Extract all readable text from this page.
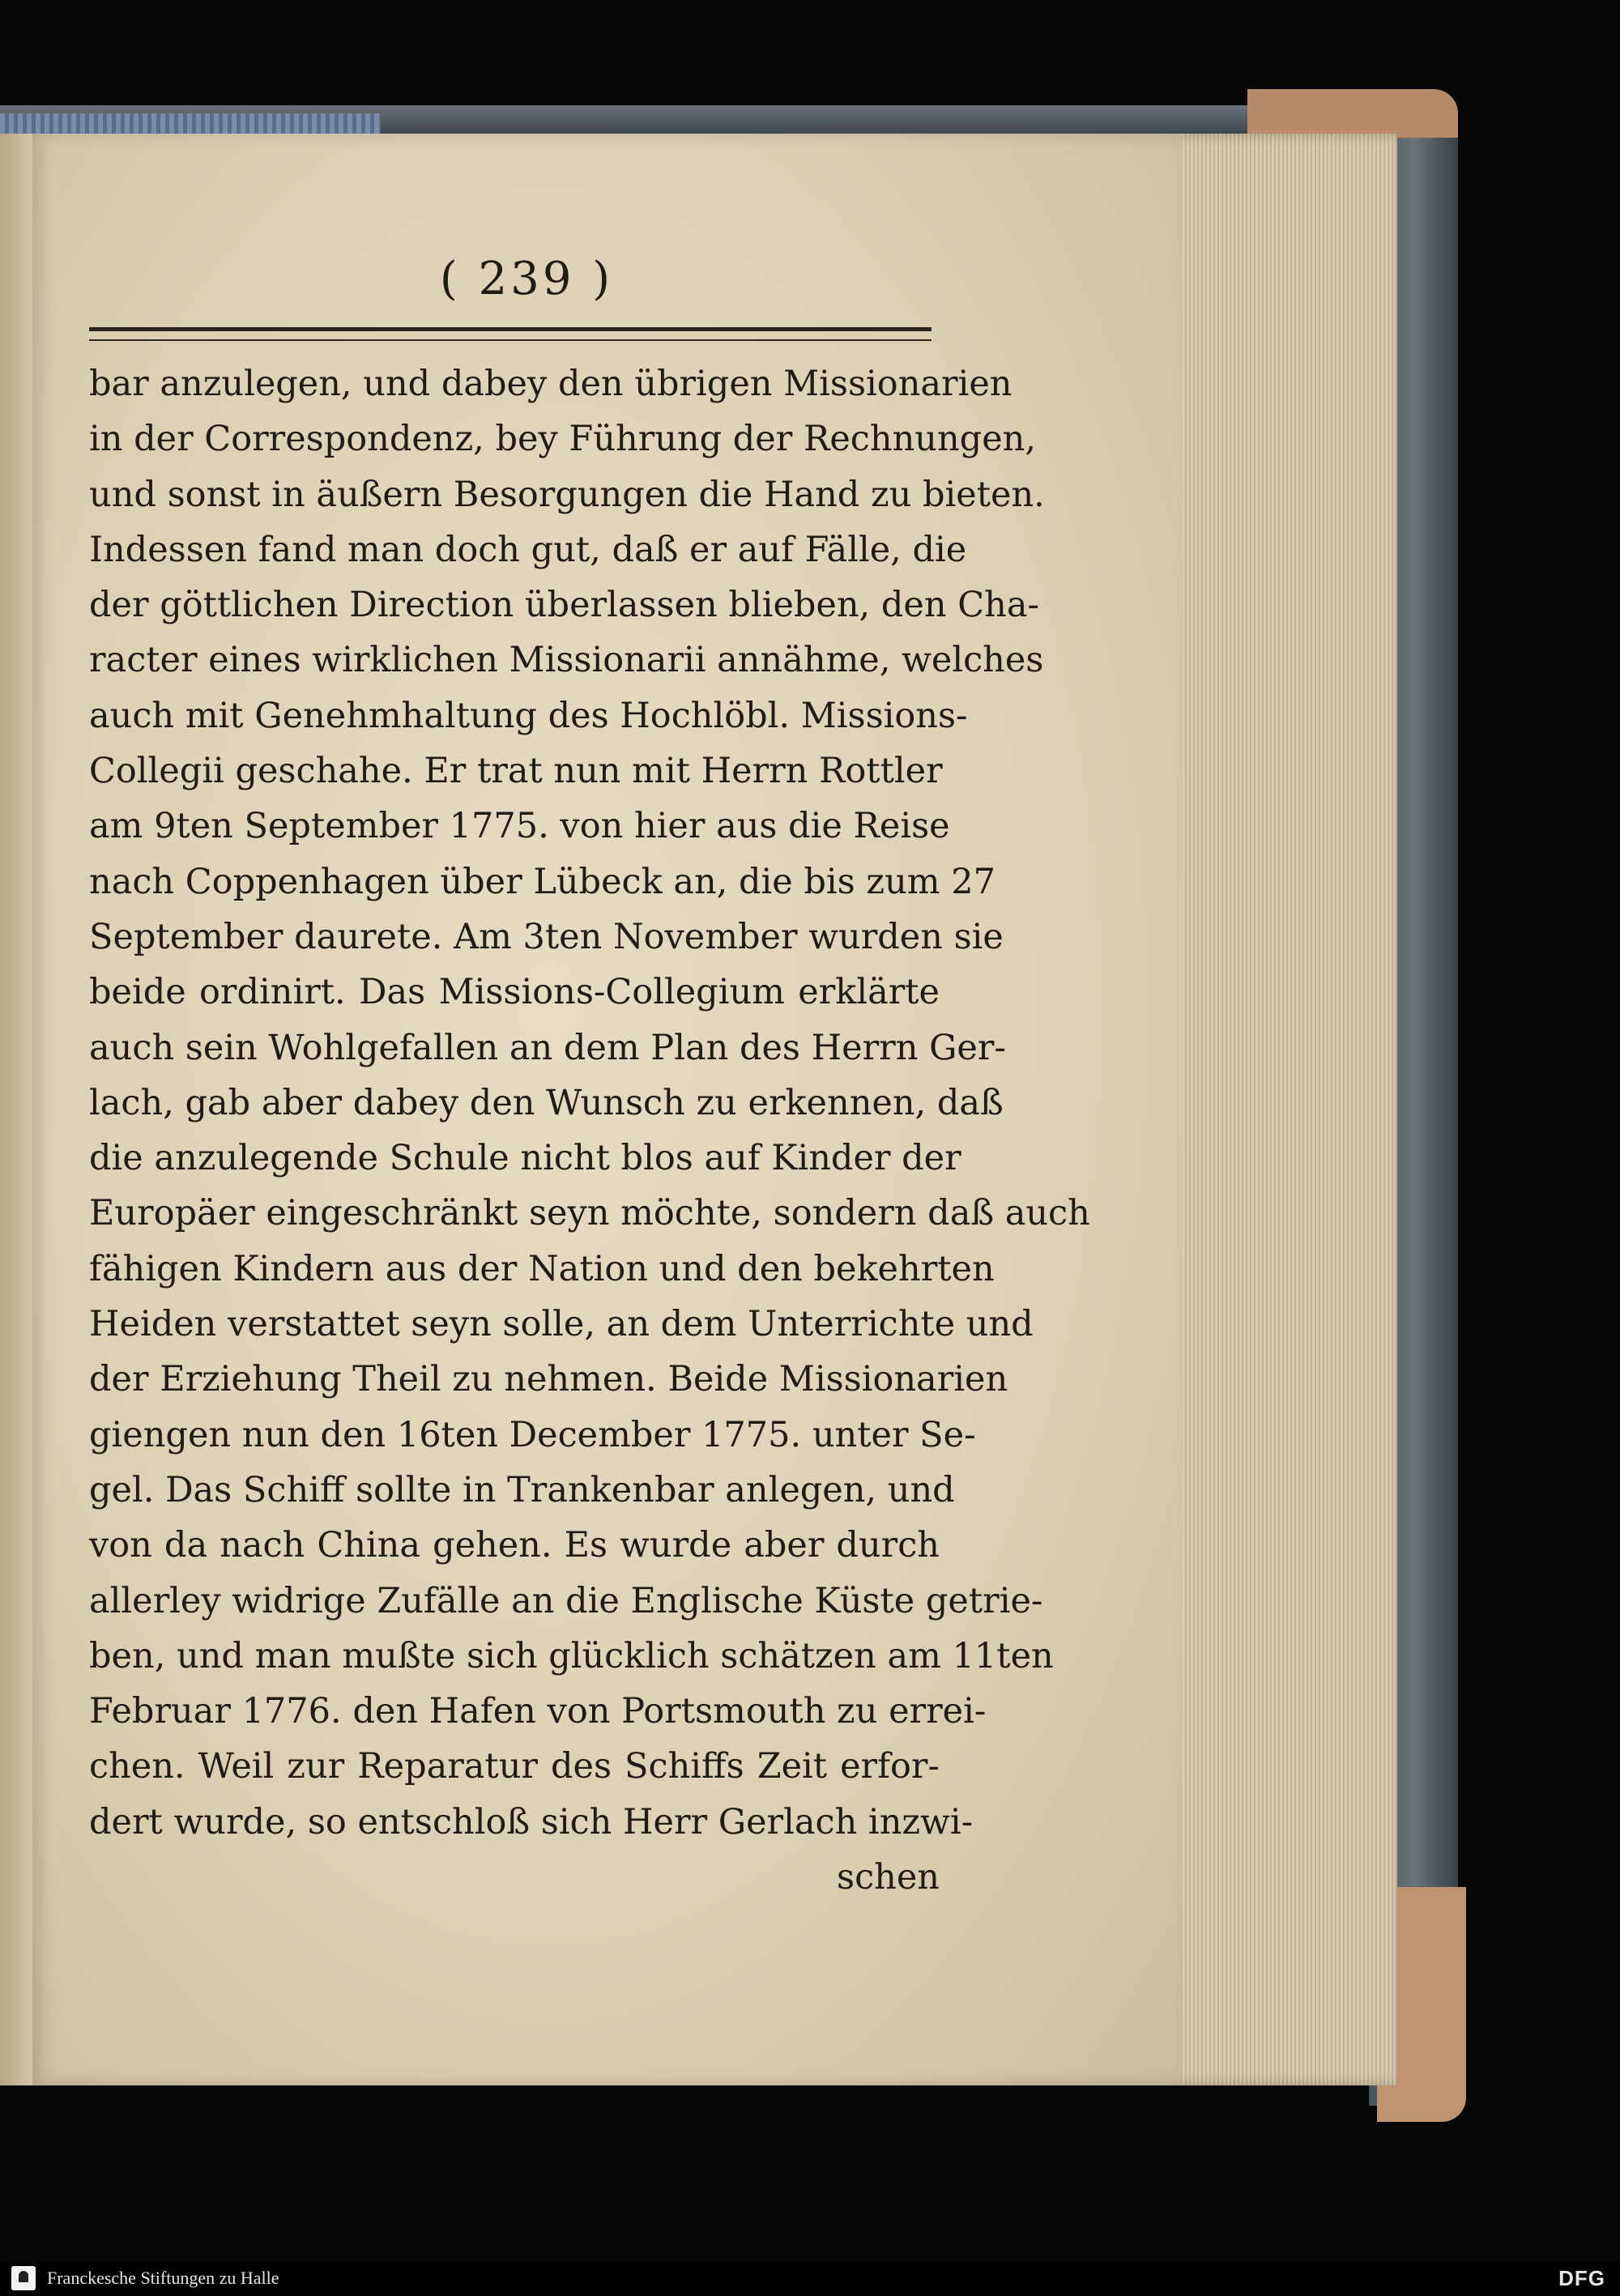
( 239 )
bar anzulegen, und dabey den übrigen Missionarien
in der Correspondenz, bey Führung der Rechnungen,
und sonst in äußern Besorgungen die Hand zu bieten.
Indessen fand man doch gut, daß er auf Fälle, die
der göttlichen Direction überlassen blieben, den Cha-
racter eines wirklichen Missionarii annähme, welches
auch mit Genehmhaltung des Hochlöbl. Missions-
Collegii geschahe. Er trat nun mit Herrn Rottler
am 9ten September 1775. von hier aus die Reise
nach Coppenhagen über Lübeck an, die bis zum 27
September daurete. Am 3ten November wurden sie
beide ordinirt. Das Missions-Collegium erklärte
auch sein Wohlgefallen an dem Plan des Herrn Ger-
lach, gab aber dabey den Wunsch zu erkennen, daß
die anzulegende Schule nicht blos auf Kinder der
Europäer eingeschränkt seyn möchte, sondern daß auch
fähigen Kindern aus der Nation und den bekehrten
Heiden verstattet seyn solle, an dem Unterrichte und
der Erziehung Theil zu nehmen. Beide Missionarien
giengen nun den 16ten December 1775. unter Se-
gel. Das Schiff sollte in Trankenbar anlegen, und
von da nach China gehen. Es wurde aber durch
allerley widrige Zufälle an die Englische Küste getrie-
ben, und man mußte sich glücklich schätzen am 11ten
Februar 1776. den Hafen von Portsmouth zu errei-
chen. Weil zur Reparatur des Schiffs Zeit erfor-
dert wurde, so entschloß sich Herr Gerlach inzwi-
schen
Franckesche Stiftungen zu Halle	DFG
